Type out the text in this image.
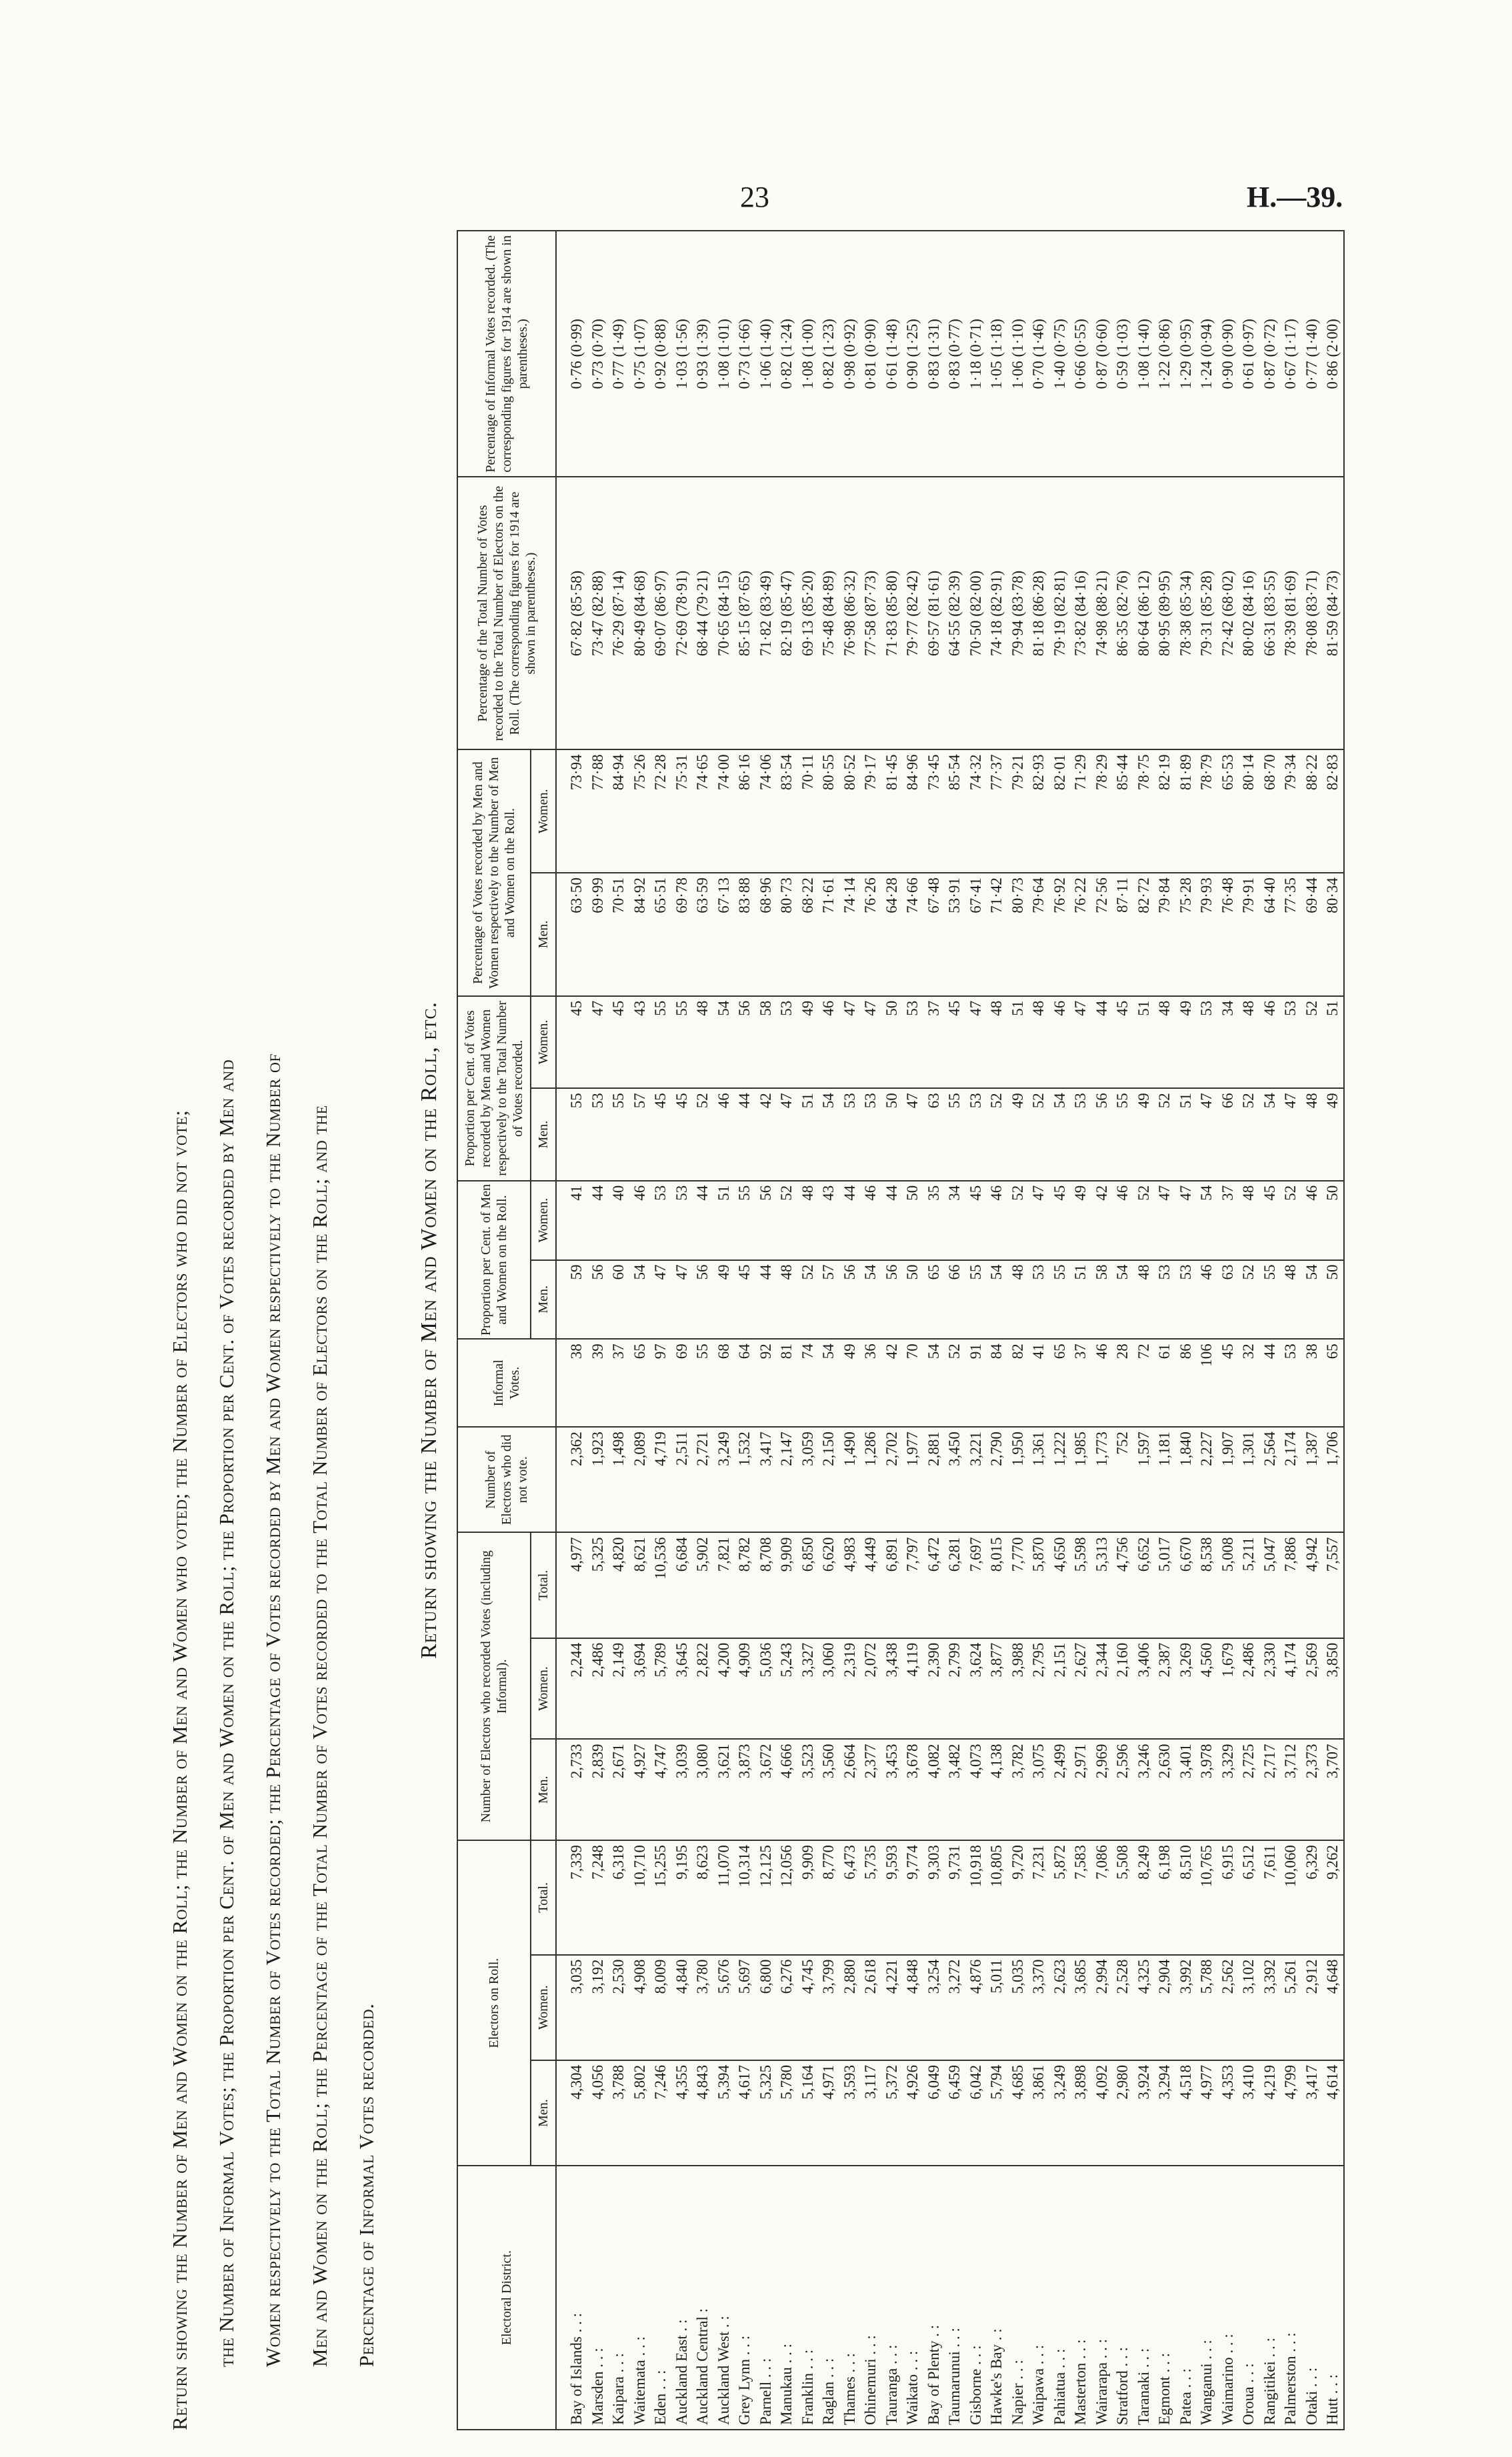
23	H.—39.

Return showing the Number of Men and Women on the Roll; the Number of Men and Women who voted; the Number of Electors who did not vote;	the Number of Informal Votes; the Proportion per Cent. of Men and Women on the Roll; the Proportion per Cent. of Votes recorded by Men and	Women respectively to the Total Number of Votes recorded; the Percentage of Votes recorded by Men and Women respectively to the Number of	Men and Women on the Roll; the Percentage of the Total Number of Votes recorded to the Total Number of Electors on the Roll; and the	Percentage of Informal Votes recorded.

Return showing the Number of Men and Women on the Roll, etc.
Electoral District.	Electors on Roll.			Number of Electors who recorded Votes (including Informal).			Number of Electors who did not vote.	Informal Votes.	Proportion per Cent. of Men and Women on the Roll.		Proportion per Cent. of Votes recorded by Men and Women respectively to the Total Number of Votes recorded.		Percentage of Votes recorded by Men and Women respectively to the Number of Men and Women on the Roll.		Percentage of the Total Number of Votes recorded to the Total Number of Electors on the Roll. (The corresponding figures for 1914 are shown in parentheses.)	Percentage of Informal Votes recorded. (The corresponding figures for 1914 are shown in parentheses.)
	Men.	Women.	Total.	Men.	Women.	Total.			Men.	Women.	Men.	Women.	Men.	Women.		
Bay of Islands . . :	4,304	3,035	7,339	2,733	2,244	4,977	2,362	38	59	41	55	45	63·50	73·94	67·82 (85·58)	0·76 (0·99)
Marsden . . :	4,056	3,192	7,248	2,839	2,486	5,325	1,923	39	56	44	53	47	69·99	77·88	73·47 (82·88)	0·73 (0·70)
Kaipara . . :	3,788	2,530	6,318	2,671	2,149	4,820	1,498	37	60	40	55	45	70·51	84·94	76·29 (87·14)	0·77 (1·49)
Waitemata . . :	5,802	4,908	10,710	4,927	3,694	8,621	2,089	65	54	46	57	43	84·92	75·26	80·49 (84·68)	0·75 (1·07)
Eden . . :	7,246	8,009	15,255	4,747	5,789	10,536	4,719	97	47	53	45	55	65·51	72·28	69·07 (86·97)	0·92 (0·88)
Auckland East . :	4,355	4,840	9,195	3,039	3,645	6,684	2,511	69	47	53	45	55	69·78	75·31	72·69 (78·91)	1·03 (1·56)
Auckland Central :	4,843	3,780	8,623	3,080	2,822	5,902	2,721	55	56	44	52	48	63·59	74·65	68·44 (79·21)	0·93 (1·39)
Auckland West . :	5,394	5,676	11,070	3,621	4,200	7,821	3,249	68	49	51	46	54	67·13	74·00	70·65 (84·15)	1·08 (1·01)
Grey Lynn . . :	4,617	5,697	10,314	3,873	4,909	8,782	1,532	64	45	55	44	56	83·88	86·16	85·15 (87·65)	0·73 (1·66)
Parnell . . :	5,325	6,800	12,125	3,672	5,036	8,708	3,417	92	44	56	42	58	68·96	74·06	71·82 (83·49)	1·06 (1·40)
Manukau . . :	5,780	6,276	12,056	4,666	5,243	9,909	2,147	81	48	52	47	53	80·73	83·54	82·19 (85·47)	0·82 (1·24)
Franklin . . :	5,164	4,745	9,909	3,523	3,327	6,850	3,059	74	52	48	51	49	68·22	70·11	69·13 (85·20)	1·08 (1·00)
Raglan . . :	4,971	3,799	8,770	3,560	3,060	6,620	2,150	54	57	43	54	46	71·61	80·55	75·48 (84·89)	0·82 (1·23)
Thames . . :	3,593	2,880	6,473	2,664	2,319	4,983	1,490	49	56	44	53	47	74·14	80·52	76·98 (86·32)	0·98 (0·92)
Ohinemuri . . :	3,117	2,618	5,735	2,377	2,072	4,449	1,286	36	54	46	53	47	76·26	79·17	77·58 (87·73)	0·81 (0·90)
Tauranga . . :	5,372	4,221	9,593	3,453	3,438	6,891	2,702	42	56	44	50	50	64·28	81·45	71·83 (85·80)	0·61 (1·48)
Waikato . . :	4,926	4,848	9,774	3,678	4,119	7,797	1,977	70	50	50	47	53	74·66	84·96	79·77 (82·42)	0·90 (1·25)
Bay of Plenty . :	6,049	3,254	9,303	4,082	2,390	6,472	2,881	54	65	35	63	37	67·48	73·45	69·57 (81·61)	0·83 (1·31)
Taumarunui . . :	6,459	3,272	9,731	3,482	2,799	6,281	3,450	52	66	34	55	45	53·91	85·54	64·55 (82·39)	0·83 (0·77)
Gisborne . . :	6,042	4,876	10,918	4,073	3,624	7,697	3,221	91	55	45	53	47	67·41	74·32	70·50 (82·00)	1·18 (0·71)
Hawke's Bay . :	5,794	5,011	10,805	4,138	3,877	8,015	2,790	84	54	46	52	48	71·42	77·37	74·18 (82·91)	1·05 (1·18)
Napier . . :	4,685	5,035	9,720	3,782	3,988	7,770	1,950	82	48	52	49	51	80·73	79·21	79·94 (83·78)	1·06 (1·10)
Waipawa . . :	3,861	3,370	7,231	3,075	2,795	5,870	1,361	41	53	47	52	48	79·64	82·93	81·18 (86·28)	0·70 (1·46)
Pahiatua . . :	3,249	2,623	5,872	2,499	2,151	4,650	1,222	65	55	45	54	46	76·92	82·01	79·19 (82·81)	1·40 (0·75)
Masterton . . :	3,898	3,685	7,583	2,971	2,627	5,598	1,985	37	51	49	53	47	76·22	71·29	73·82 (84·16)	0·66 (0·55)
Wairarapa . . :	4,092	2,994	7,086	2,969	2,344	5,313	1,773	46	58	42	56	44	72·56	78·29	74·98 (88·21)	0·87 (0·60)
Stratford . . :	2,980	2,528	5,508	2,596	2,160	4,756	752	28	54	46	55	45	87·11	85·44	86·35 (82·76)	0·59 (1·03)
Taranaki . . :	3,924	4,325	8,249	3,246	3,406	6,652	1,597	72	48	52	49	51	82·72	78·75	80·64 (86·12)	1·08 (1·40)
Egmont . . :	3,294	2,904	6,198	2,630	2,387	5,017	1,181	61	53	47	52	48	79·84	82·19	80·95 (89·95)	1·22 (0·86)
Patea . . :	4,518	3,992	8,510	3,401	3,269	6,670	1,840	86	53	47	51	49	75·28	81·89	78·38 (85·34)	1·29 (0·95)
Wanganui . . :	4,977	5,788	10,765	3,978	4,560	8,538	2,227	106	46	54	47	53	79·93	78·79	79·31 (85·28)	1·24 (0·94)
Waimarino . . :	4,353	2,562	6,915	3,329	1,679	5,008	1,907	45	63	37	66	34	76·48	65·53	72·42 (68·02)	0·90 (0·90)
Oroua . . :	3,410	3,102	6,512	2,725	2,486	5,211	1,301	32	52	48	52	48	79·91	80·14	80·02 (84·16)	0·61 (0·97)
Rangitikei . . :	4,219	3,392	7,611	2,717	2,330	5,047	2,564	44	55	45	54	46	64·40	68·70	66·31 (83·55)	0·87 (0·72)
Palmerston . . :	4,799	5,261	10,060	3,712	4,174	7,886	2,174	53	48	52	47	53	77·35	79·34	78·39 (81·69)	0·67 (1·17)
Otaki . . :	3,417	2,912	6,329	2,373	2,569	4,942	1,387	38	54	46	48	52	69·44	88·22	78·08 (83·71)	0·77 (1·40)
Hutt . . :	4,614	4,648	9,262	3,707	3,850	7,557	1,706	65	50	50	49	51	80·34	82·83	81·59 (84·73)	0·86 (2·00)
